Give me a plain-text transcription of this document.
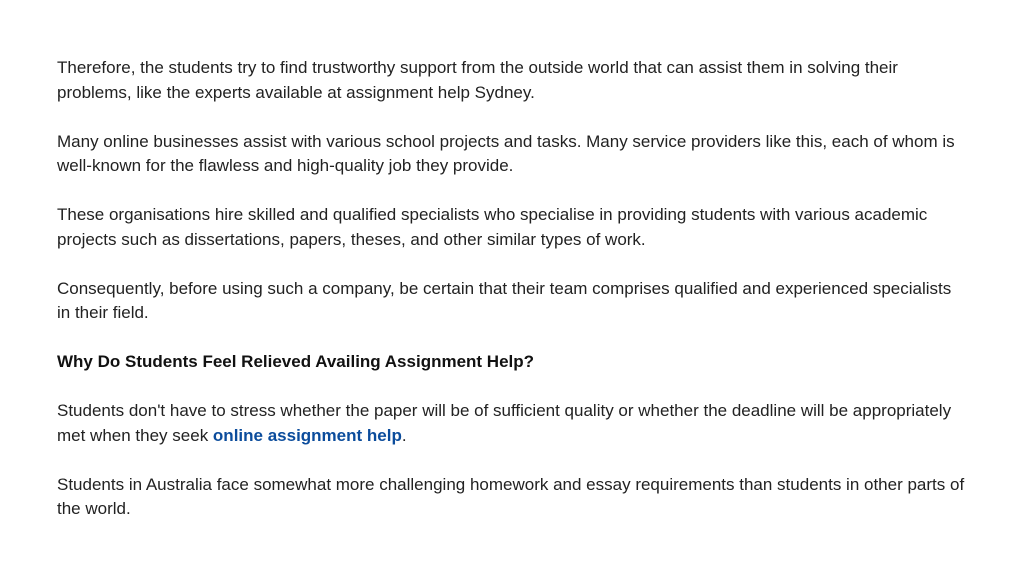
Therefore, the students try to find trustworthy support from the outside world that can assist them in solving their problems, like the experts available at assignment help Sydney.

Many online businesses assist with various school projects and tasks. Many service providers like this, each of whom is well-known for the flawless and high-quality job they provide.

These organisations hire skilled and qualified specialists who specialise in providing students with various academic projects such as dissertations, papers, theses, and other similar types of work.

Consequently, before using such a company, be certain that their team comprises qualified and experienced specialists in their field.

Why Do Students Feel Relieved Availing Assignment Help?

Students don't have to stress whether the paper will be of sufficient quality or whether the deadline will be appropriately met when they seek online assignment help.

Students in Australia face somewhat more challenging homework and essay requirements than students in other parts of the world.
